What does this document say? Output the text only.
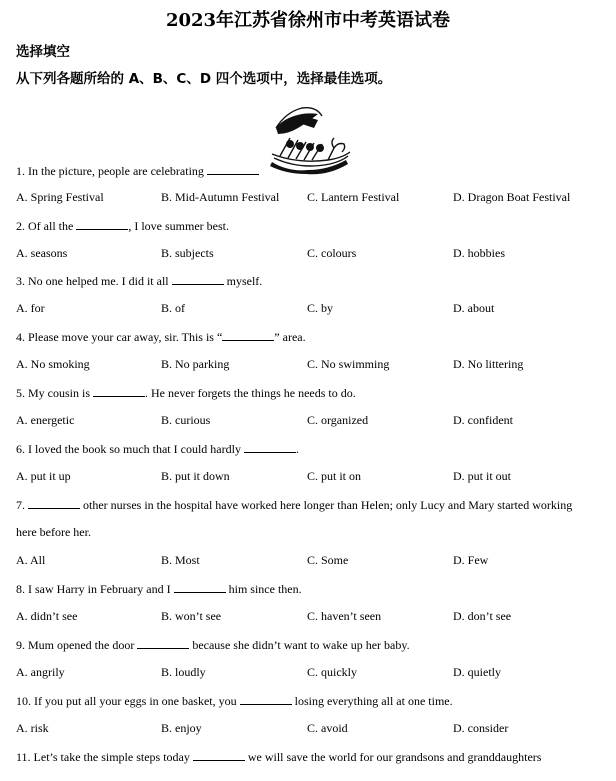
2023年江苏省徐州市中考英语试卷
选择填空
从下列各题所给的 A、B、C、D 四个选项中，选择最佳选项。
1. In the picture, people are celebrating
A. Spring Festival	B. Mid-Autumn Festival C. Lantern Festival	D. Dragon Boat Festival
2. Of all the	, I love summer best.
A. seasons	B. subjects	C. colours	D. hobbies
3. No one helped me. I did it all	myself.
A. for	B. of	C. by	D. about
4. Please move your car away, sir. This is “	” area.
A. No smoking	B. No parking	C. No swimming	D. No littering
5. My cousin is	. He never forgets the things he needs to do.
A. energetic	B. curious	C. organized	D. confident
6. I loved the book so much that I could hardly	.
A. put it up	B. put it down	C. put it on	D. put it out
7.	other nurses in the hospital have worked here longer than Helen; only Lucy and Mary started working
here before her.
A. All	B. Most	C. Some	D. Few
8. I saw Harry in February and I	him since then.
A. didn’t see	B. won’t see	C. haven’t seen	D. don’t see
9. Mum opened the door	because she didn’t want to wake up her baby.
A. angrily	B. loudly	C. quickly	D. quietly
10. If you put all your eggs in one basket, you	losing everything all at one time.
A. risk	B. enjoy	C. avoid	D. consider
11. Let’s take the simple steps today	we will save the world for our grandsons and granddaughters
